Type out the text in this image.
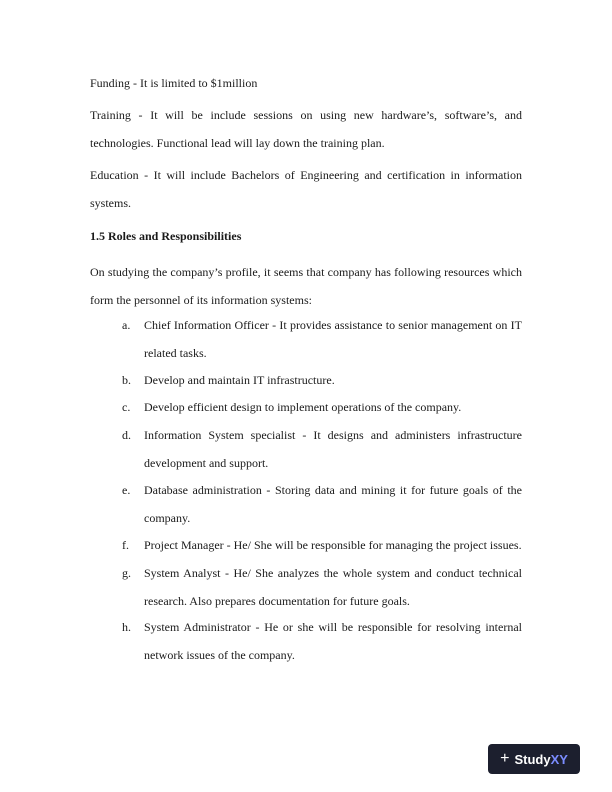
Funding - It is limited to $1million

Training - It will be include sessions on using new hardware’s, software’s, and technologies. Functional lead will lay down the training plan.

Education - It will include Bachelors of Engineering and certification in information systems.

1.5 Roles and Responsibilities

On studying the company’s profile, it seems that company has following resources which form the personnel of its information systems:

a.	Chief Information Officer - It provides assistance to senior management on IT related tasks.
b.	Develop and maintain IT infrastructure.
c.	Develop efficient design to implement operations of the company.
d.	Information System specialist - It designs and administers infrastructure development and support.
e.	Database administration - Storing data and mining it for future goals of the company.
f.	Project Manager - He/ She will be responsible for managing the project issues.
g.	System Analyst - He/ She analyzes the whole system and conduct technical research. Also prepares documentation for future goals.
h.	System Administrator - He or she will be responsible for resolving internal network issues of the company.
+ Study XY
